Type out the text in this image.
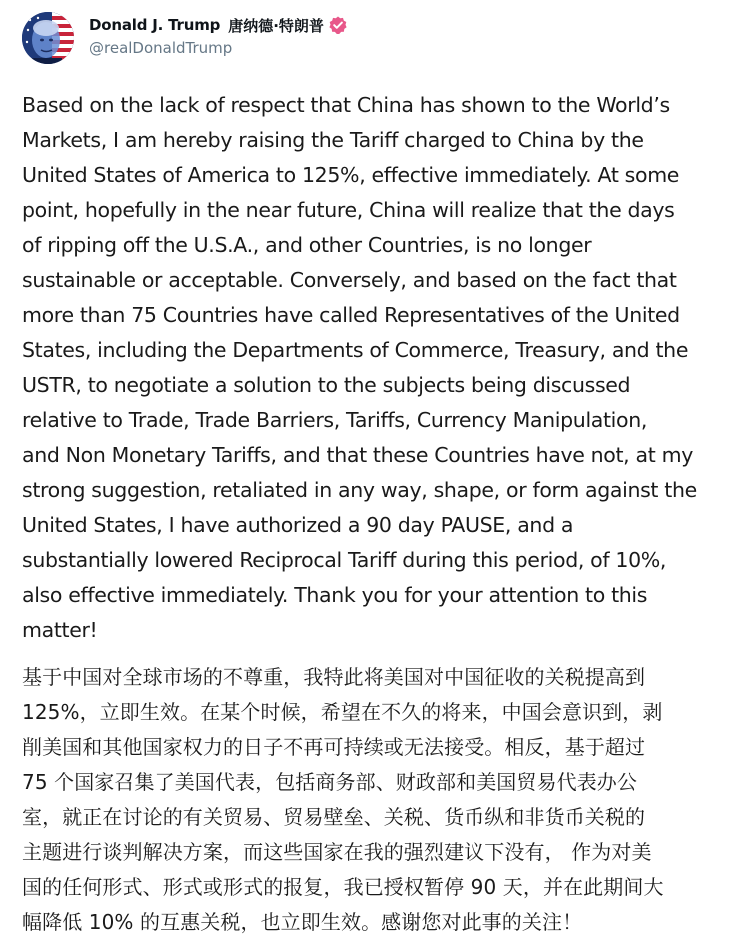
Donald J. Trump 唐纳德·特朗普
@realDonaldTrump
Based on the lack of respect that China has shown to the World’s
Markets, I am hereby raising the Tariff charged to China by the
United States of America to 125%, effective immediately. At some
point, hopefully in the near future, China will realize that the days
of ripping off the U.S.A., and other Countries, is no longer
sustainable or acceptable. Conversely, and based on the fact that
more than 75 Countries have called Representatives of the United
States, including the Departments of Commerce, Treasury, and the
USTR, to negotiate a solution to the subjects being discussed
relative to Trade, Trade Barriers, Tariffs, Currency Manipulation,
and Non Monetary Tariffs, and that these Countries have not, at my
strong suggestion, retaliated in any way, shape, or form against the
United States, I have authorized a 90 day PAUSE, and a
substantially lowered Reciprocal Tariff during this period, of 10%,
also effective immediately. Thank you for your attention to this
matter!
基于中国对全球市场的不尊重，我特此将美国对中国征收的关税提高到
125%，立即生效。在某个时候，希望在不久的将来，中国会意识到，剥
削美国和其他国家权力的日子不再可持续或无法接受。相反，基于超过
75 个国家召集了美国代表，包括商务部、财政部和美国贸易代表办公
室，就正在讨论的有关贸易、贸易壁垒、关税、货币纵和非货币关税的
主题进行谈判解决方案，而这些国家在我的强烈建议下没有， 作为对美
国的任何形式、形式或形式的报复，我已授权暂停 90 天，并在此期间大
幅降低 10% 的互惠关税，也立即生效。感谢您对此事的关注！
